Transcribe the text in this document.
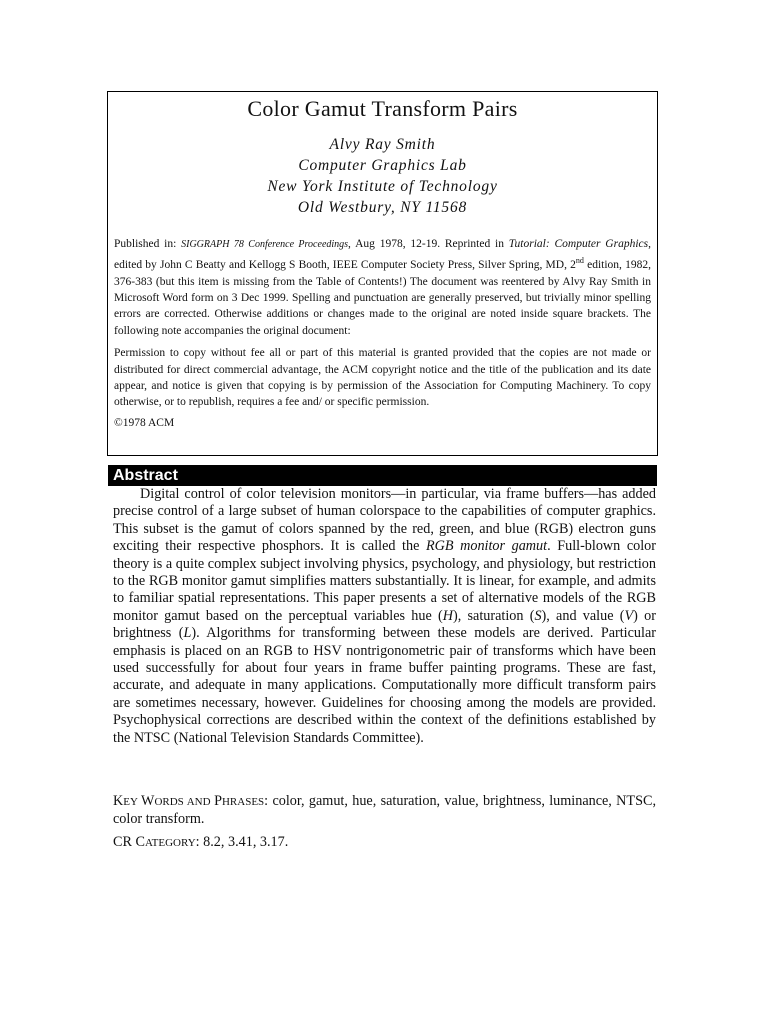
Color Gamut Transform Pairs
Alvy Ray Smith
Computer Graphics Lab
New York Institute of Technology
Old Westbury, NY 11568
Published in: SIGGRAPH 78 Conference Proceedings, Aug 1978, 12-19. Reprinted in Tutorial: Computer Graphics, edited by John C Beatty and Kellogg S Booth, IEEE Computer Society Press, Silver Spring, MD, 2nd edition, 1982, 376-383 (but this item is missing from the Table of Contents!) The document was reentered by Alvy Ray Smith in Microsoft Word form on 3 Dec 1999. Spelling and punctuation are generally preserved, but trivially minor spelling errors are corrected. Otherwise additions or changes made to the original are noted inside square brackets. The following note accompanies the original document:
Permission to copy without fee all or part of this material is granted provided that the copies are not made or distributed for direct commercial advantage, the ACM copyright notice and the title of the publication and its date appear, and notice is given that copying is by permission of the Association for Computing Machinery. To copy otherwise, or to republish, requires a fee and/ or specific permission.
©1978 ACM
Abstract

Digital control of color television monitors—in particular, via frame buffers—has added precise control of a large subset of human colorspace to the capabilities of computer graphics. This subset is the gamut of colors spanned by the red, green, and blue (RGB) electron guns exciting their respective phosphors. It is called the RGB monitor gamut. Full-blown color theory is a quite complex subject involving physics, psychology, and physiology, but restriction to the RGB monitor gamut simplifies matters substantially. It is linear, for example, and admits to familiar spatial representations. This paper presents a set of alternative models of the RGB monitor gamut based on the perceptual variables hue (H), saturation (S), and value (V) or brightness (L). Algorithms for transforming between these models are derived. Particular emphasis is placed on an RGB to HSV nontrigonometric pair of transforms which have been used successfully for about four years in frame buffer painting programs. These are fast, accurate, and adequate in many applications. Computationally more difficult transform pairs are sometimes necessary, however. Guidelines for choosing among the models are provided. Psychophysical corrections are described within the context of the definitions established by the NTSC (National Television Standards Committee).

KEY WORDS AND PHRASES: color, gamut, hue, saturation, value, brightness, luminance, NTSC, color transform.

CR CATEGORY: 8.2, 3.41, 3.17.
